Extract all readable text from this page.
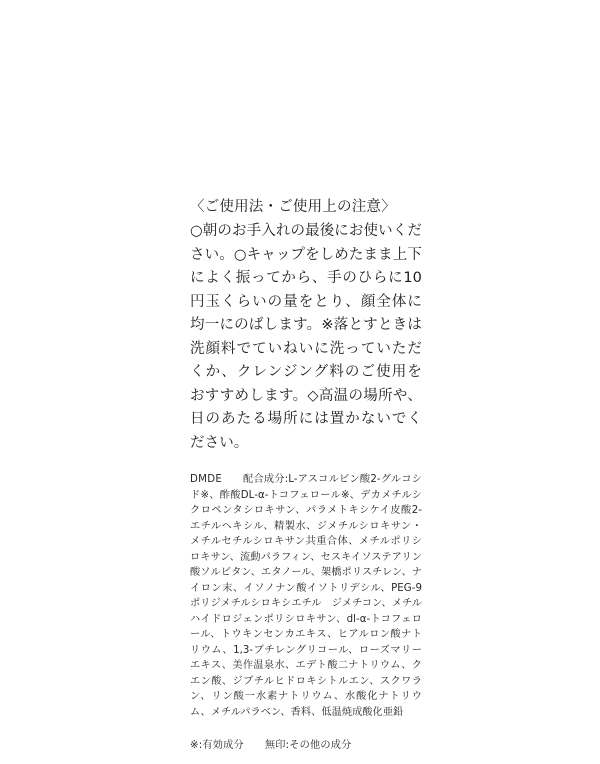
〈ご使用法・ご使用上の注意〉

○朝のお手入れの最後にお使いください。○キャップをしめたまま上下によく振ってから、手のひらに10円玉くらいの量をとり、顔全体に均一にのばします。※落とすときは洗顔料でていねいに洗っていただくか、クレンジング料のご使用をおすすめします。◇高温の場所や、日のあたる場所には置かないでください。

DMDE 配合成分:L-アスコルビン酸2-グルコシド※、酢酸DL-α-トコフェロール※、デカメチルシクロペンタシロキサン、パラメトキシケイ皮酸2-エチルヘキシル、精製水、ジメチルシロキサン・メチルセチルシロキサン共重合体、メチルポリシロキサン、流動パラフィン、セスキイソステアリン酸ソルビタン、エタノール、架橋ポリスチレン、ナイロン末、イソノナン酸イソトリデシル、PEG-9　ポリジメチルシロキシエチル　ジメチコン、メチルハイドロジェンポリシロキサン、dl-α-トコフェロール、トウキンセンカエキス、ヒアルロン酸ナトリウム、1,3-ブチレングリコール、ローズマリーエキス、美作温泉水、エデト酸二ナトリウム、クエン酸、ジブチルヒドロキシトルエン、スクワラン、リン酸一水素ナトリウム、水酸化ナトリウム、メチルパラベン、香料、低温焼成酸化亜鉛

※:有効成分 無印:その他の成分
